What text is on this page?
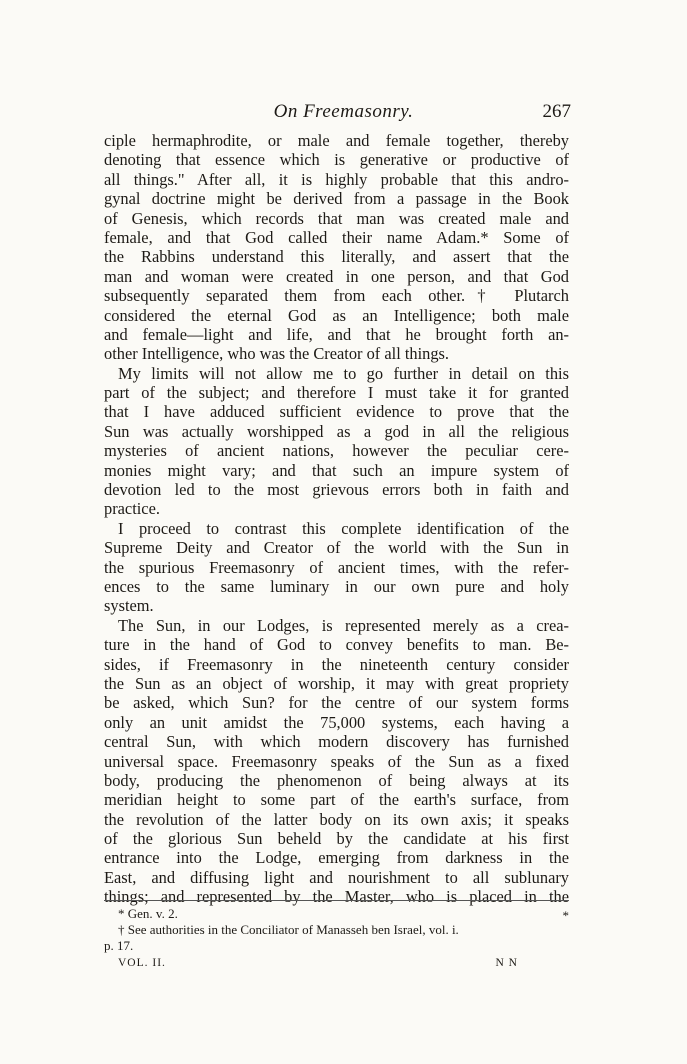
On Freemasonry.	267
ciple hermaphrodite, or male and female together, thereby
denoting that essence which is generative or productive of
all things." After all, it is highly probable that this andro-
gynal doctrine might be derived from a passage in the Book
of Genesis, which records that man was created male and
female, and that God called their name Adam.* Some of
the Rabbins understand this literally, and assert that the
man and woman were created in one person, and that God
subsequently separated them from each other.† Plutarch
considered the eternal God as an Intelligence; both male
and female—light and life, and that he brought forth an-
other Intelligence, who was the Creator of all things.
My limits will not allow me to go further in detail on this
part of the subject; and therefore I must take it for granted
that I have adduced sufficient evidence to prove that the
Sun was actually worshipped as a god in all the religious
mysteries of ancient nations, however the peculiar cere-
monies might vary; and that such an impure system of
devotion led to the most grievous errors both in faith and
practice.
I proceed to contrast this complete identification of the
Supreme Deity and Creator of the world with the Sun in
the spurious Freemasonry of ancient times, with the refer-
ences to the same luminary in our own pure and holy
system.
The Sun, in our Lodges, is represented merely as a crea-
ture in the hand of God to convey benefits to man. Be-
sides, if Freemasonry in the nineteenth century consider
the Sun as an object of worship, it may with great propriety
be asked, which Sun? for the centre of our system forms
only an unit amidst the 75,000 systems, each having a
central Sun, with which modern discovery has furnished
universal space. Freemasonry speaks of the Sun as a fixed
body, producing the phenomenon of being always at its
meridian height to some part of the earth's surface, from
the revolution of the latter body on its own axis; it speaks
of the glorious Sun beheld by the candidate at his first
entrance into the Lodge, emerging from darkness in the
East, and diffusing light and nourishment to all sublunary
things; and represented by the Master, who is placed in the
* Gen. v. 2.	*
† See authorities in the Conciliator of Manasseh ben Israel, vol. i.
p. 17.
VOL. II.	N N
